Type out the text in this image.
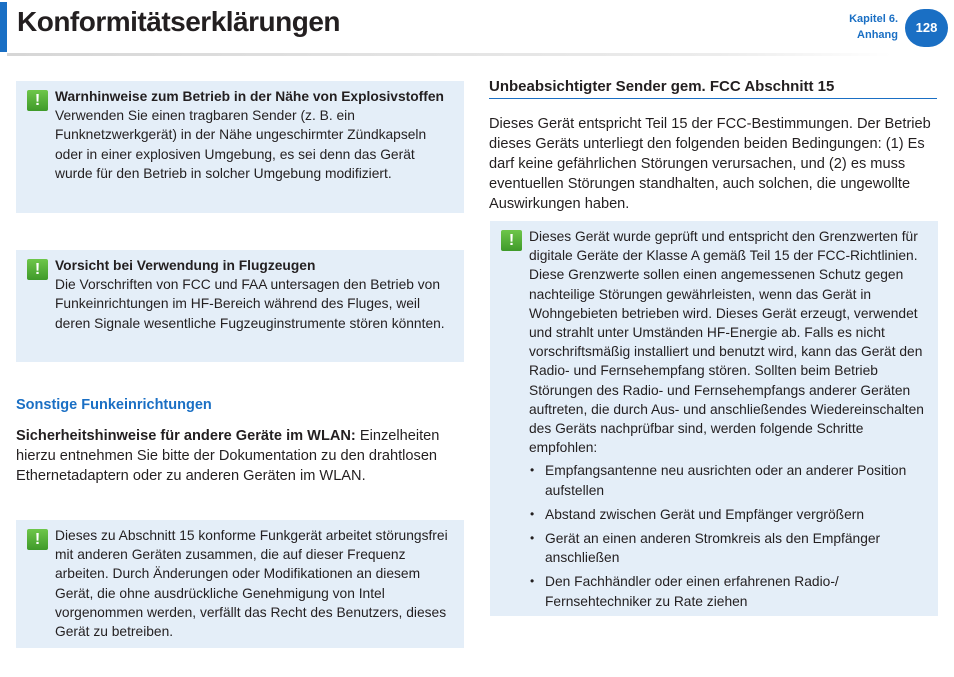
Konformitätserklärungen	Kapitel 6.
Anhang	128
!	Warnhinweise zum Betrieb in der Nähe von Explosivstoffen
Verwenden Sie einen tragbaren Sender (z. B. ein Funknetzwerkgerät) in der Nähe ungeschirmter Zündkapseln oder in einer explosiven Umgebung, es sei denn das Gerät wurde für den Betrieb in solcher Umgebung modifiziert.
!	Vorsicht bei Verwendung in Flugzeugen
Die Vorschriften von FCC und FAA untersagen den Betrieb von Funkeinrichtungen im HF-Bereich während des Fluges, weil deren Signale wesentliche Fugzeuginstrumente stören könnten.
Sonstige Funkeinrichtungen

Sicherheitshinweise für andere Geräte im WLAN: Einzelheiten hierzu entnehmen Sie bitte der Dokumentation zu den drahtlosen Ethernetadaptern oder zu anderen Geräten im WLAN.

!	Dieses zu Abschnitt 15 konforme Funkgerät arbeitet störungsfrei mit anderen Geräten zusammen, die auf dieser Frequenz arbeiten. Durch Änderungen oder Modifikationen an diesem Gerät, die ohne ausdrückliche Genehmigung von Intel vorgenommen werden, verfällt das Recht des Benutzers, dieses Gerät zu betreiben.
Unbeabsichtigter Sender gem. FCC Abschnitt 15

Dieses Gerät entspricht Teil 15 der FCC-Bestimmungen. Der Betrieb dieses Geräts unterliegt den folgenden beiden Bedingungen: (1) Es darf keine gefährlichen Störungen verursachen, und (2) es muss eventuellen Störungen standhalten, auch solchen, die ungewollte Auswirkungen haben.

!	Dieses Gerät wurde geprüft und entspricht den Grenzwerten für digitale Geräte der Klasse A gemäß Teil 15 der FCC-Richtlinien. Diese Grenzwerte sollen einen angemessenen Schutz gegen nachteilige Störungen gewährleisten, wenn das Gerät in Wohngebieten betrieben wird. Dieses Gerät erzeugt, verwendet und strahlt unter Umständen HF-Energie ab. Falls es nicht vorschriftsmäßig installiert und benutzt wird, kann das Gerät den Radio- und Fernsehempfang stören. Sollten beim Betrieb Störungen des Radio- und Fernsehempfangs anderer Geräten auftreten, die durch Aus- und anschließendes Wiedereinschalten des Geräts nachprüfbar sind, werden folgende Schritte empfohlen:
• Empfangsantenne neu ausrichten oder an anderer Position aufstellen
• Abstand zwischen Gerät und Empfänger vergrößern
• Gerät an einen anderen Stromkreis als den Empfänger anschließen
• Den Fachhändler oder einen erfahrenen Radio-/ Fernsehtechniker zu Rate ziehen
